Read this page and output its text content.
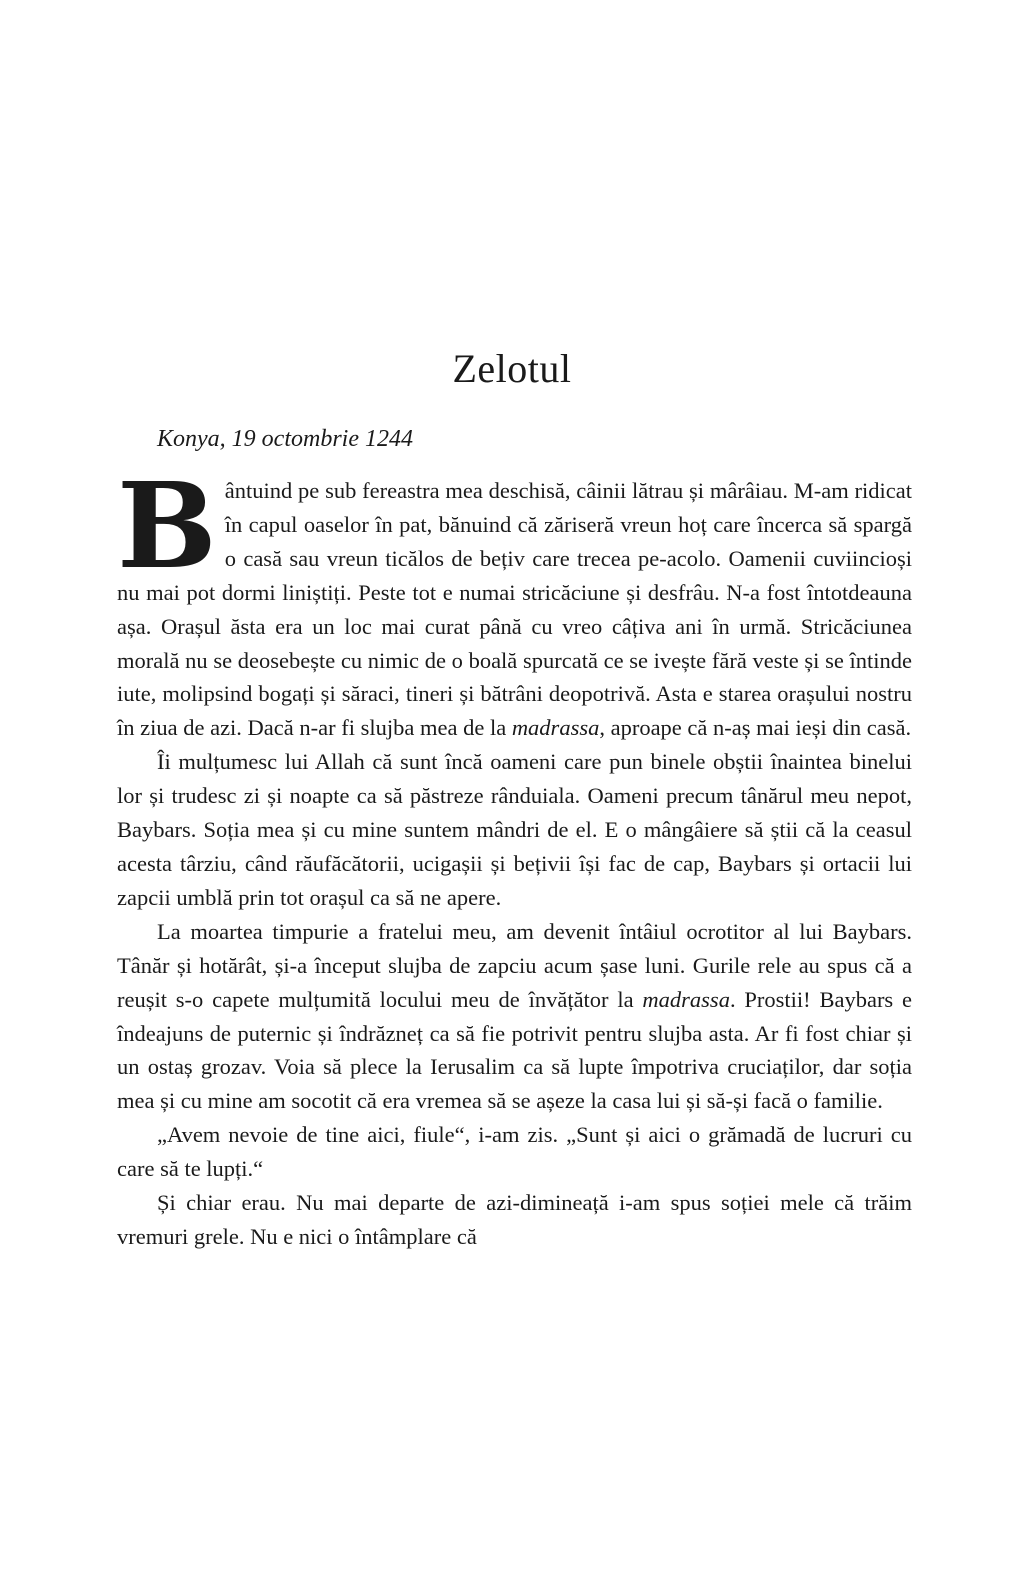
Zelotul
Konya, 19 octombrie 1244

Bântuind pe sub fereastra mea deschisă, câinii lătrau și mârâiau. M-am ridicat în capul oaselor în pat, bănuind că zăriseră vreun hoț care încerca să spargă o casă sau vreun ticălos de bețiv care trecea pe-acolo. Oamenii cuviincioși nu mai pot dormi liniștiți. Peste tot e numai stricăciune și desfrâu. N-a fost întotdeauna așa. Orașul ăsta era un loc mai curat până cu vreo câțiva ani în urmă. Stricăciunea morală nu se deosebește cu nimic de o boală spurcată ce se ivește fără veste și se întinde iute, molipsind bogați și săraci, tineri și bătrâni deopotrivă. Asta e starea orașului nostru în ziua de azi. Dacă n-ar fi slujba mea de la madrassa, aproape că n-aș mai ieși din casă.

Îi mulțumesc lui Allah că sunt încă oameni care pun binele obștii înaintea binelui lor și trudesc zi și noapte ca să păstreze rânduiala. Oameni precum tânărul meu nepot, Baybars. Soția mea și cu mine suntem mândri de el. E o mângâiere să știi că la ceasul acesta târziu, când răufăcătorii, ucigașii și bețivii își fac de cap, Baybars și ortacii lui zapcii umblă prin tot orașul ca să ne apere.

La moartea timpurie a fratelui meu, am devenit întâiul ocrotitor al lui Baybars. Tânăr și hotărât, și-a început slujba de zapciu acum șase luni. Gurile rele au spus că a reușit s-o capete mulțumită locului meu de învățător la madrassa. Prostii! Baybars e îndeajuns de puternic și îndrăzneț ca să fie potrivit pentru slujba asta. Ar fi fost chiar și un ostaș grozav. Voia să plece la Ierusalim ca să lupte împotriva cruciaților, dar soția mea și cu mine am socotit că era vremea să se așeze la casa lui și să-și facă o familie.

„Avem nevoie de tine aici, fiule“, i-am zis. „Sunt și aici o grămadă de lucruri cu care să te lupți.“

Și chiar erau. Nu mai departe de azi-dimineață i-am spus soției mele că trăim vremuri grele. Nu e nici o întâmplare că
